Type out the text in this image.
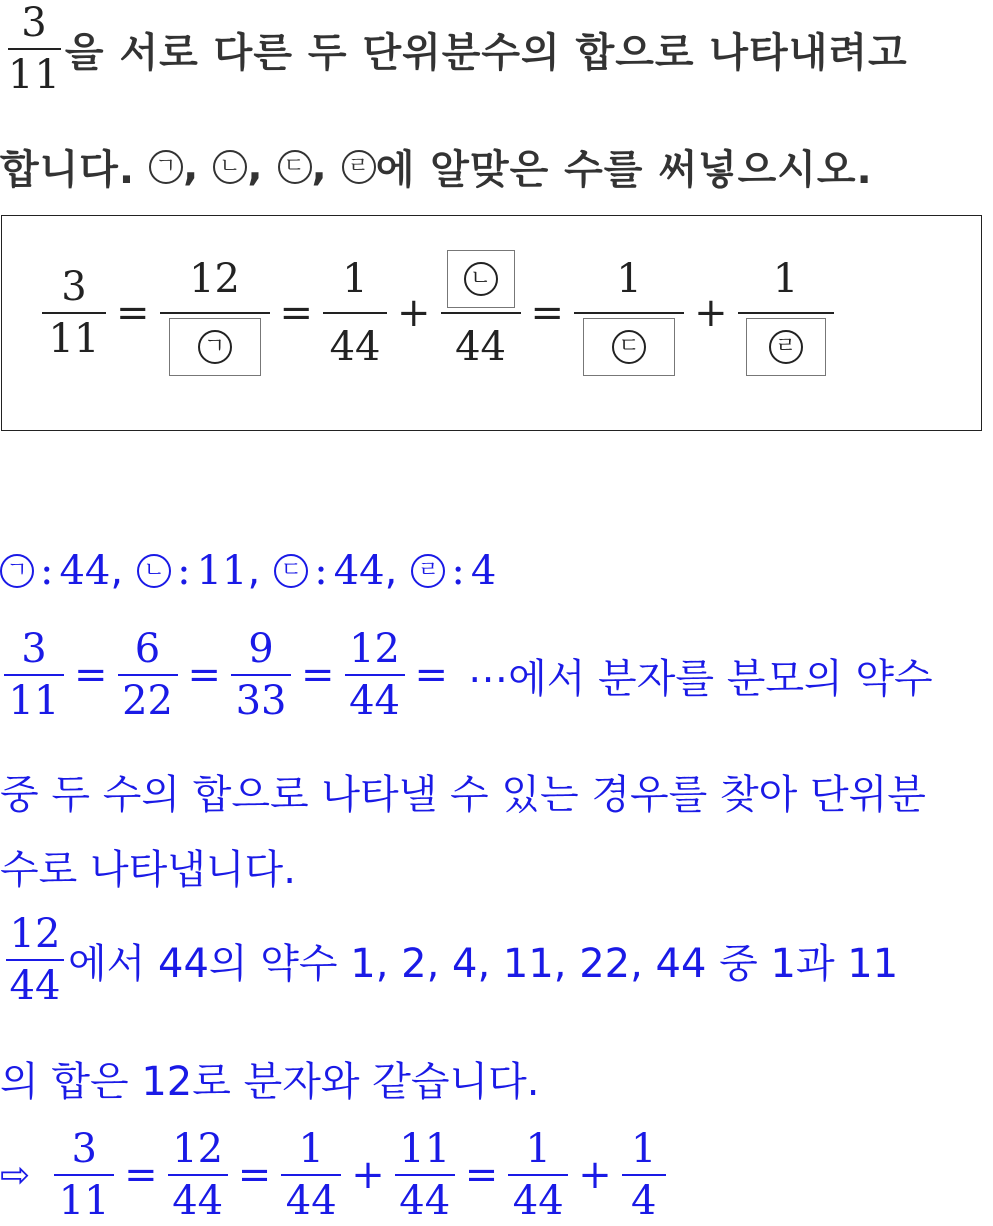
$\frac{3}{11}$ 을 서로 다른 두 단위분수의 합으로 나타내려고
합니다. ㄱ , ㄴ , ㄷ , ㄹ 에 알맞은 수를 써넣으시오.
$\frac{3}{11} = \frac{12}{\text{ㄱ}} = \frac{1}{44} + \frac{\text{ㄴ}}{44} = \frac{1}{\text{ㄷ}} + \frac{1}{\text{ㄹ}}$
ㄱ : 44 , ㄴ : 11 , ㄷ : 44 , ㄹ : 4
$\frac{3}{11} = \frac{6}{22} = \frac{9}{33} = \frac{12}{44}$ = ⋯에서 분자를 분모의 약수
중 두 수의 합으로 나타낼 수 있는 경우를 찾아 단위분
수로 나타냅니다.
$\frac{12}{44}$ 에서 44의 약수 1, 2, 4, 11, 22, 44 중 1과 11
의 합은 12로 분자와 같습니다.
⇨ $\frac{3}{11} = \frac{12}{44} = \frac{1}{44} + \frac{11}{44} = \frac{1}{44} + \frac{1}{4}$
